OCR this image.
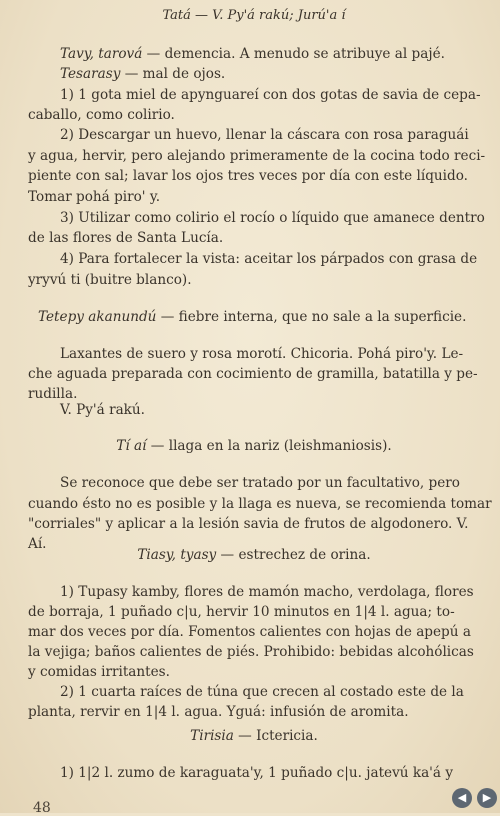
Tatá — V. Py'á rakú; Jurú'a í
Tavy, tarová — demencia. A menudo se atribuye al pajé.
Tesarasy — mal de ojos.
1) 1 gota miel de apynguareí con dos gotas de savia de cepa-
caballo, como colirio.
2) Descargar un huevo, llenar la cáscara con rosa paraguái
y agua, hervir, pero alejando primeramente de la cocina todo reci-
piente con sal; lavar los ojos tres veces por día con este líquido.
Tomar pohá piro' y.
3) Utilizar como colirio el rocío o líquido que amanece dentro
de las flores de Santa Lucía.
4) Para fortalecer la vista: aceitar los párpados con grasa de
yryvú ti (buitre blanco).
Tetepy akanundú — fiebre interna, que no sale a la superficie.
Laxantes de suero y rosa morotí. Chicoria. Pohá piro'y. Le-
che aguada preparada con cocimiento de gramilla, batatilla y pe-
rudilla.
V. Py'á rakú.
Tí aí — llaga en la nariz (leishmaniosis).
Se reconoce que debe ser tratado por un facultativo, pero
cuando ésto no es posible y la llaga es nueva, se recomienda tomar
"corriales" y aplicar a la lesión savia de frutos de algodonero. V.
Aí.
Tiasy, tyasy — estrechez de orina.
1) Tupasy kamby, flores de mamón macho, verdolaga, flores
de borraja, 1 puñado c|u, hervir 10 minutos en 1|4 l. agua; to-
mar dos veces por día. Fomentos calientes con hojas de apepú a
la vejiga; baños calientes de piés. Prohibido: bebidas alcohólicas
y comidas irritantes.
2) 1 cuarta raíces de túna que crecen al costado este de la
planta, rervir en 1|4 l. agua. Yguá: infusión de aromita.
Tirisia — Ictericia.
1) 1|2 l. zumo de karaguata'y, 1 puñado c|u. jatevú ka'á y
48
◀	▶
